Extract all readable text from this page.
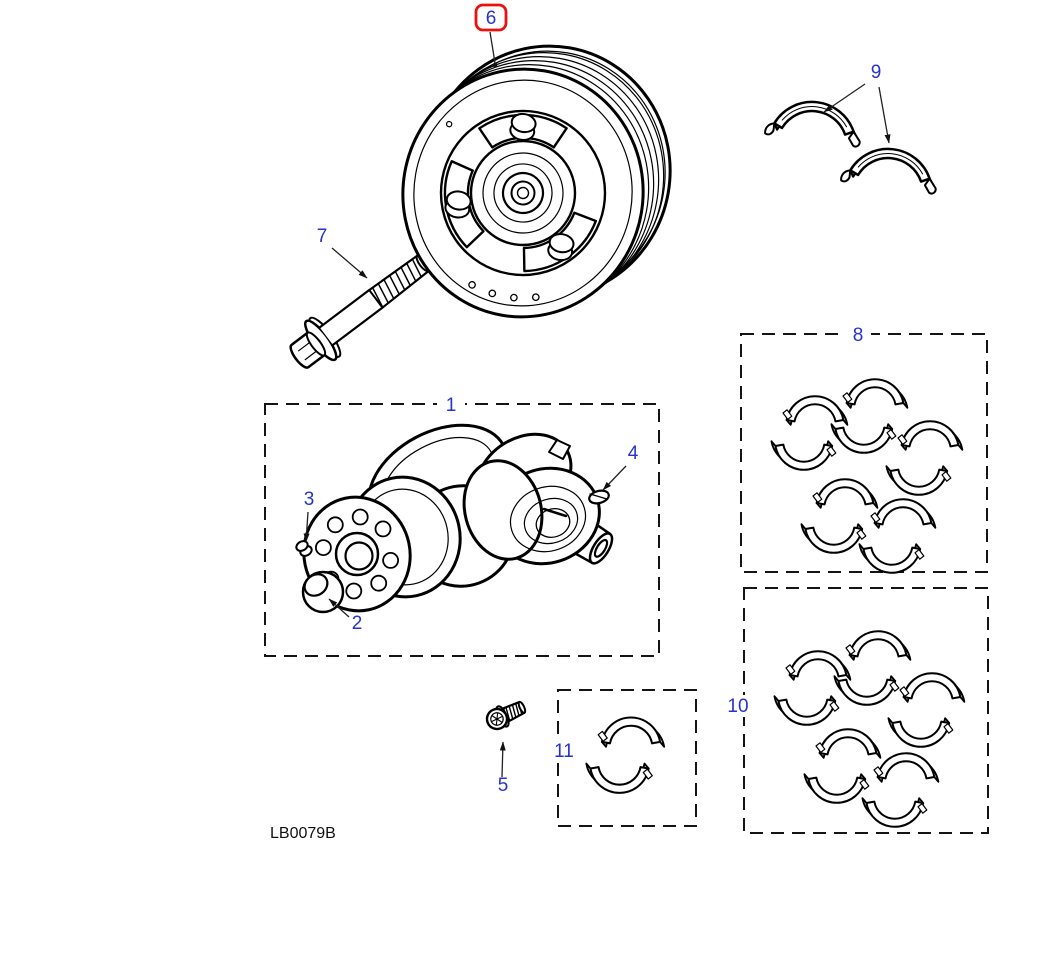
1
2
3
4
5
6
7
8
9
10
11
LB0079B
